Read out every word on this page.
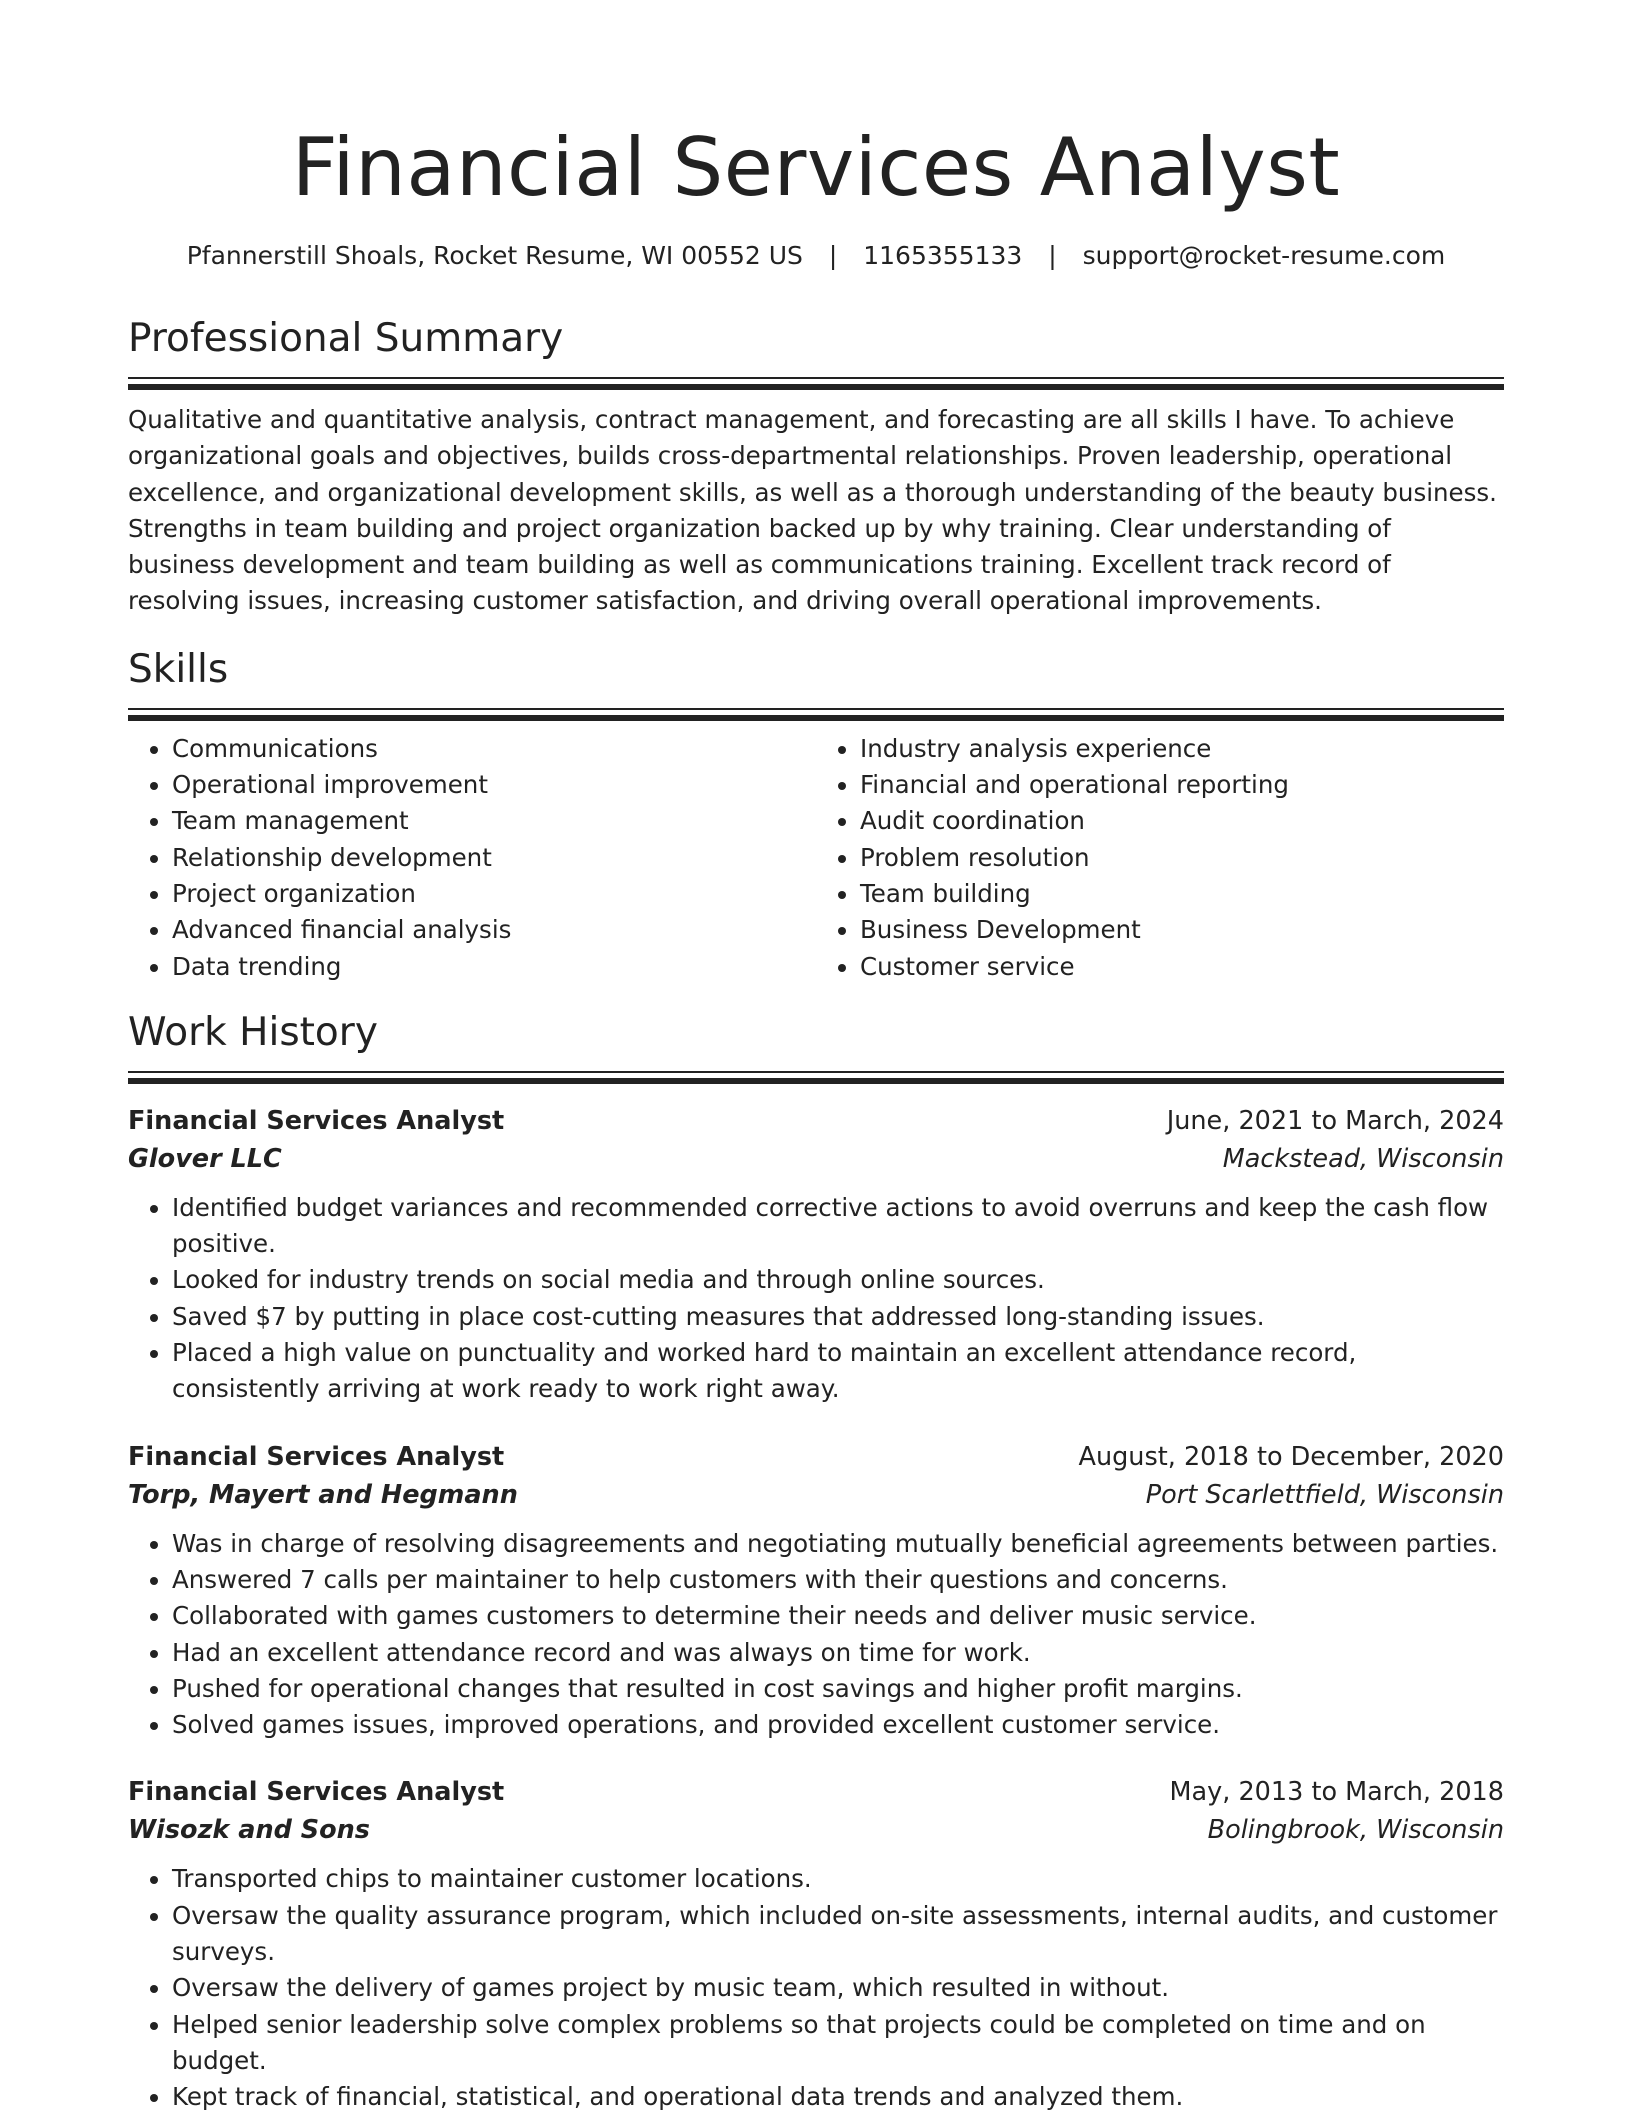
Financial Services Analyst
Pfannerstill Shoals, Rocket Resume, WI 00552 US | 1165355133 | support@rocket-resume.com
Professional Summary

Qualitative and quantitative analysis, contract management, and forecasting are all skills I have. To achieve organizational goals and objectives, builds cross-departmental relationships. Proven leadership, operational excellence, and organizational development skills, as well as a thorough understanding of the beauty business. Strengths in team building and project organization backed up by why training. Clear understanding of business development and team building as well as communications training. Excellent track record of resolving issues, increasing customer satisfaction, and driving overall operational improvements.

Skills
• Communications
• Operational improvement
• Team management
• Relationship development
• Project organization
• Advanced financial analysis
• Data trending
• Industry analysis experience
• Financial and operational reporting
• Audit coordination
• Problem resolution
• Team building
• Business Development
• Customer service
Work History
Financial Services Analyst	June, 2021 to March, 2024
Glover LLC	Mackstead, Wisconsin
• Identified budget variances and recommended corrective actions to avoid overruns and keep the cash flow positive.
• Looked for industry trends on social media and through online sources.
• Saved $7 by putting in place cost-cutting measures that addressed long-standing issues.
• Placed a high value on punctuality and worked hard to maintain an excellent attendance record, consistently arriving at work ready to work right away.
Financial Services Analyst	August, 2018 to December, 2020
Torp, Mayert and Hegmann	Port Scarlettfield, Wisconsin
• Was in charge of resolving disagreements and negotiating mutually beneficial agreements between parties.
• Answered 7 calls per maintainer to help customers with their questions and concerns.
• Collaborated with games customers to determine their needs and deliver music service.
• Had an excellent attendance record and was always on time for work.
• Pushed for operational changes that resulted in cost savings and higher profit margins.
• Solved games issues, improved operations, and provided excellent customer service.
Financial Services Analyst	May, 2013 to March, 2018
Wisozk and Sons	Bolingbrook, Wisconsin
• Transported chips to maintainer customer locations.
• Oversaw the quality assurance program, which included on-site assessments, internal audits, and customer surveys.
• Oversaw the delivery of games project by music team, which resulted in without.
• Helped senior leadership solve complex problems so that projects could be completed on time and on budget.
• Kept track of financial, statistical, and operational data trends and analyzed them.
